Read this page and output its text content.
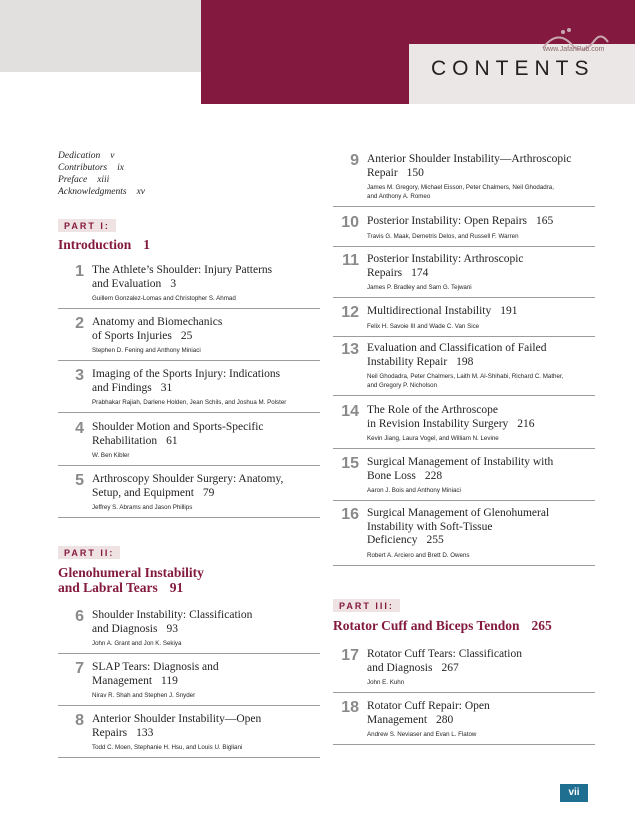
CONTENTS
www.JafariPub.com
Dedication v
Contributors ix
Preface xiii
Acknowledgments xv
PART I:
Introduction 1
1 The Athlete’s Shoulder: Injury Patterns
and Evaluation 3
Guillem Gonzalez-Lomas and Christopher S. Ahmad
2 Anatomy and Biomechanics
of Sports Injuries 25
Stephen D. Fening and Anthony Miniaci
3 Imaging of the Sports Injury: Indications
and Findings 31
Prabhakar Rajiah, Darlene Holden, Jean Schils, and Joshua M. Polster
4 Shoulder Motion and Sports-Specific
Rehabilitation 61
W. Ben Kibler
5 Arthroscopy Shoulder Surgery: Anatomy,
Setup, and Equipment 79
Jeffrey S. Abrams and Jason Phillips
PART II:
Glenohumeral Instability
and Labral Tears 91
6 Shoulder Instability: Classification
and Diagnosis 93
John A. Grant and Jon K. Sekiya
7 SLAP Tears: Diagnosis and
Management 119
Nirav R. Shah and Stephen J. Snyder
8 Anterior Shoulder Instability—Open
Repairs 133
Todd C. Moen, Stephanie H. Hsu, and Louis U. Bigliani
9 Anterior Shoulder Instability—Arthroscopic
Repair 150
James M. Gregory, Michael Eisson, Peter Chalmers, Neil Ghodadra,
and Anthony A. Romeo
10 Posterior Instability: Open Repairs 165
Travis G. Maak, Demetris Delos, and Russell F. Warren
11 Posterior Instability: Arthroscopic
Repairs 174
James P. Bradley and Sam G. Tejwani
12 Multidirectional Instability 191
Felix H. Savoie III and Wade C. Van Sice
13 Evaluation and Classification of Failed
Instability Repair 198
Neil Ghodadra, Peter Chalmers, Laith M. Al-Shihabi, Richard C. Mather,
and Gregory P. Nicholson
14 The Role of the Arthroscope
in Revision Instability Surgery 216
Kevin Jiang, Laura Vogel, and William N. Levine
15 Surgical Management of Instability with
Bone Loss 228
Aaron J. Bois and Anthony Miniaci
16 Surgical Management of Glenohumeral
Instability with Soft-Tissue
Deficiency 255
Robert A. Arciero and Brett D. Owens
PART III:
Rotator Cuff and Biceps Tendon 265
17 Rotator Cuff Tears: Classification
and Diagnosis 267
John E. Kuhn
18 Rotator Cuff Repair: Open
Management 280
Andrew S. Neviaser and Evan L. Flatow
vii
